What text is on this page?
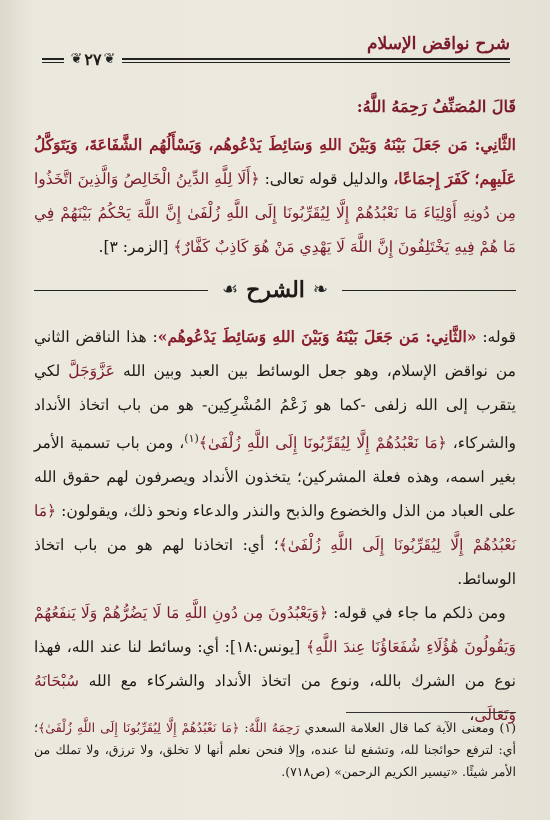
شرح نواقض الإسلام
❦
٢٧
❦
قَالَ المُصَنِّفُ رَحِمَهُ اللَّهُ:
الثَّانِي: مَن جَعَلَ بَيْنَهُ وَبَيْنَ اللهِ وَسَائِطَ يَدْعُوهُم، وَيَسْأَلُهُم الشَّفَاعَةَ، وَيَتَوَكَّلُ عَلَيهِم؛ كَفَرَ إِجمَاعًا، والدليل قوله تعالى: ﴿أَلَا لِلَّهِ الدِّينُ الْخَالِصُ وَالَّذِينَ اتَّخَذُوا مِن دُونِهِ أَوْلِيَاءَ مَا نَعْبُدُهُمْ إِلَّا لِيُقَرِّبُونَا إِلَى اللَّهِ زُلْفَىٰ إِنَّ اللَّهَ يَحْكُمُ بَيْنَهُمْ فِي مَا هُمْ فِيهِ يَخْتَلِفُونَ إِنَّ اللَّهَ لَا يَهْدِي مَنْ هُوَ كَاذِبٌ كَفَّارٌ﴾ [الزمر: ٣].
❧
الشرح
☙
قوله: «الثَّانِي: مَن جَعَلَ بَيْنَهُ وَبَيْنَ اللهِ وَسَائِطَ يَدْعُوهُم»: هذا الناقض الثاني من نواقض الإسلام، وهو جعل الوسائط بين العبد وبين الله عَزَّوَجَلَّ لكي يتقرب إلى الله زلفى -كما هو زَعْمُ المُشْرِكِين- هو من باب اتخاذ الأنداد والشركاء، ﴿مَا نَعْبُدُهُمْ إِلَّا لِيُقَرِّبُونَا إِلَى اللَّهِ زُلْفَىٰ﴾$^{(١)}$، ومن باب تسمية الأمر بغير اسمه، وهذه فعلة المشركين؛ يتخذون الأنداد ويصرفون لهم حقوق الله على العباد من الذل والخضوع والذبح والنذر والدعاء ونحو ذلك، ويقولون: ﴿مَا نَعْبُدُهُمْ إِلَّا لِيُقَرِّبُونَا إِلَى اللَّهِ زُلْفَىٰ﴾؛ أي: اتخاذنا لهم هو من باب اتخاذ الوسائط.
ومن ذلكم ما جاء في قوله: ﴿وَيَعْبُدُونَ مِن دُونِ اللَّهِ مَا لَا يَضُرُّهُمْ وَلَا يَنفَعُهُمْ وَيَقُولُونَ هَٰؤُلَاءِ شُفَعَاؤُنَا عِندَ اللَّهِ﴾ [يونس:١٨]: أي: وسائط لنا عند الله، فهذا نوع من الشرك بالله، ونوع من اتخاذ الأنداد والشركاء مع الله سُبْحَانَهُ وَتَعَالَى،
(١) ومعنى الآية كما قال العلامة السعدي رَحِمَهُ اللَّهُ: ﴿مَا نَعْبُدُهُمْ إِلَّا لِيُقَرِّبُونَا إِلَى اللَّهِ زُلْفَىٰ﴾؛ أي: لترفع حوائجنا لله، وتشفع لنا عنده، وإلا فنحن نعلم أنها لا تخلق، ولا ترزق، ولا تملك من الأمر شيئًا. «تيسير الكريم الرحمن» (ص٧١٨).
